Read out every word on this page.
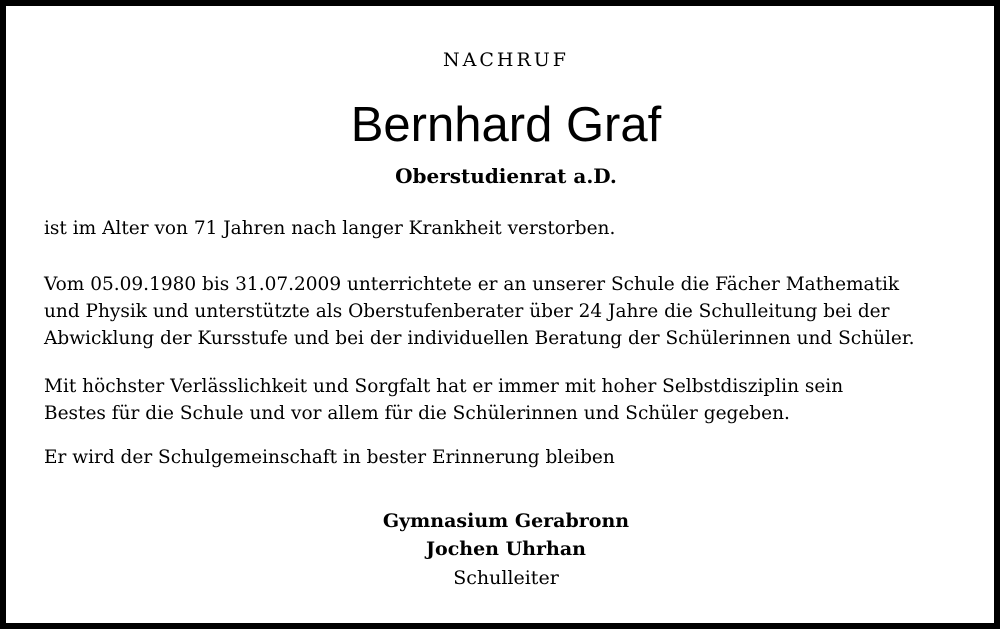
NACHRUF
Bernhard Graf
Oberstudienrat a.D.
ist im Alter von 71 Jahren nach langer Krankheit verstorben.
Vom 05.09.1980 bis 31.07.2009 unterrichtete er an unserer Schule die Fächer Mathematik
und Physik und unterstützte als Oberstufenberater über 24 Jahre die Schulleitung bei der
Abwicklung der Kursstufe und bei der individuellen Beratung der Schülerinnen und Schüler.
Mit höchster Verlässlichkeit und Sorgfalt hat er immer mit hoher Selbstdisziplin sein
Bestes für die Schule und vor allem für die Schülerinnen und Schüler gegeben.
Er wird der Schulgemeinschaft in bester Erinnerung bleiben
Gymnasium Gerabronn
Jochen Uhrhan
Schulleiter
